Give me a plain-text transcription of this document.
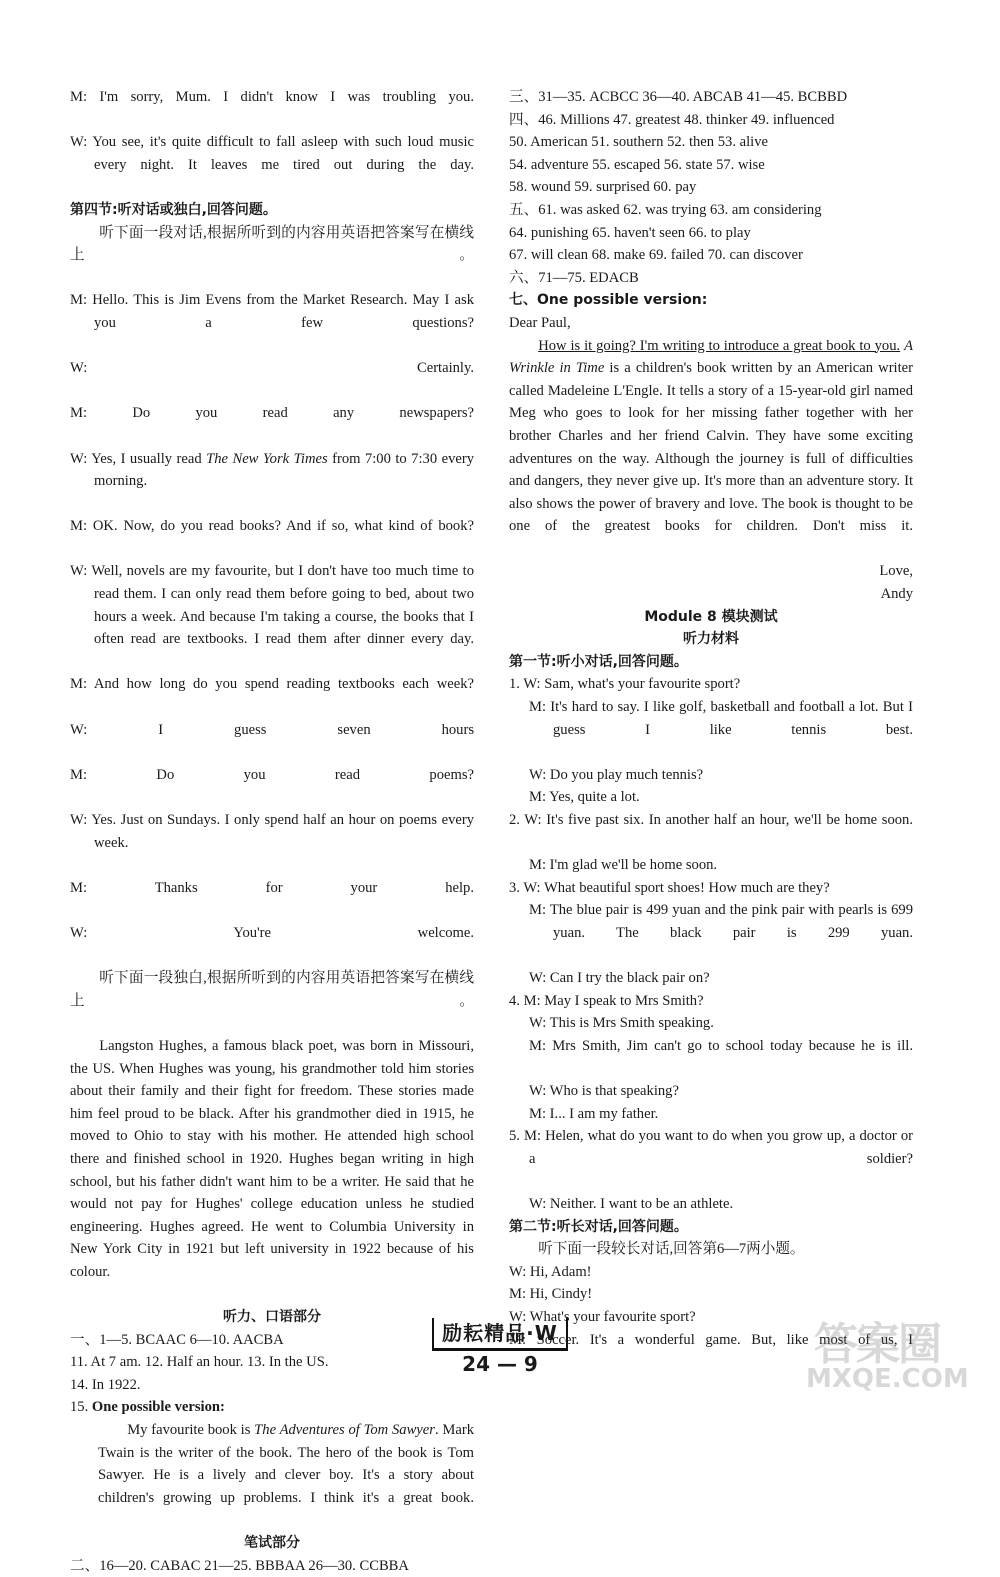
M: I'm sorry, Mum. I didn't know I was troubling you.

W: You see, it's quite difficult to fall asleep with such loud music every night. It leaves me tired out during the day.

第四节:听对话或独白,回答问题。

听下面一段对话,根据所听到的内容用英语把答案写在横线上。

M: Hello. This is Jim Evens from the Market Research. May I ask you a few questions?

W: Certainly.

M: Do you read any newspapers?

W: Yes, I usually read The New York Times from 7:00 to 7:30 every morning.

M: OK. Now, do you read books? And if so, what kind of book?

W: Well, novels are my favourite, but I don't have too much time to read them. I can only read them before going to bed, about two hours a week. And because I'm taking a course, the books that I often read are textbooks. I read them after dinner every day.

M: And how long do you spend reading textbooks each week?

W: I guess seven hours

M: Do you read poems?

W: Yes. Just on Sundays. I only spend half an hour on poems every week.

M: Thanks for your help.

W: You're welcome.

听下面一段独白,根据所听到的内容用英语把答案写在横线上。

Langston Hughes, a famous black poet, was born in Missouri, the US. When Hughes was young, his grandmother told him stories about their family and their fight for freedom. These stories made him feel proud to be black. After his grandmother died in 1915, he moved to Ohio to stay with his mother. He attended high school there and finished school in 1920. Hughes began writing in high school, but his father didn't want him to be a writer. He said that he would not pay for Hughes' college education unless he studied engineering. Hughes agreed. He went to Columbia University in New York City in 1921 but left university in 1922 because of his colour.

听力、口语部分

一、1—5. BCAAC 6—10. AACBA

11. At 7 am. 12. Half an hour. 13. In the US.

14. In 1922.

15. One possible version:

My favourite book is The Adventures of Tom Sawyer. Mark Twain is the writer of the book. The hero of the book is Tom Sawyer. He is a lively and clever boy. It's a story about children's growing up problems. I think it's a great book.

笔试部分

二、16—20. CABAC 21—25. BBBAA 26—30. CCBBA

三、31—35. ACBCC 36—40. ABCAB 41—45. BCBBD

四、46. Millions 47. greatest 48. thinker 49. influenced

50. American 51. southern 52. then 53. alive

54. adventure 55. escaped 56. state 57. wise

58. wound 59. surprised 60. pay

五、61. was asked 62. was trying 63. am considering

64. punishing 65. haven't seen 66. to play

67. will clean 68. make 69. failed 70. can discover

六、71—75. EDACB

七、One possible version:

Dear Paul,

How is it going? I'm writing to introduce a great book to you. A Wrinkle in Time is a children's book written by an American writer called Madeleine L'Engle. It tells a story of a 15-year-old girl named Meg who goes to look for her missing father together with her brother Charles and her friend Calvin. They have some exciting adventures on the way. Although the journey is full of difficulties and dangers, they never give up. It's more than an adventure story. It also shows the power of bravery and love. The book is thought to be one of the greatest books for children. Don't miss it.

Love,

Andy

Module 8 模块测试

听力材料

第一节:听小对话,回答问题。

1. W: Sam, what's your favourite sport?

M: It's hard to say. I like golf, basketball and football a lot. But I guess I like tennis best.

W: Do you play much tennis?

M: Yes, quite a lot.

2. W: It's five past six. In another half an hour, we'll be home soon.

M: I'm glad we'll be home soon.

3. W: What beautiful sport shoes! How much are they?

M: The blue pair is 499 yuan and the pink pair with pearls is 699 yuan. The black pair is 299 yuan.

W: Can I try the black pair on?

4. M: May I speak to Mrs Smith?

W: This is Mrs Smith speaking.

M: Mrs Smith, Jim can't go to school today because he is ill.

W: Who is that speaking?

M: I... I am my father.

5. M: Helen, what do you want to do when you grow up, a doctor or a soldier?

W: Neither. I want to be an athlete.

第二节:听长对话,回答问题。

听下面一段较长对话,回答第6—7两小题。

W: Hi, Adam!

M: Hi, Cindy!

W: What's your favourite sport?

M: Soccer. It's a wonderful game. But, like most of us, I

励耘精品·W
24 — 9	答案圈
MXQE.COM
